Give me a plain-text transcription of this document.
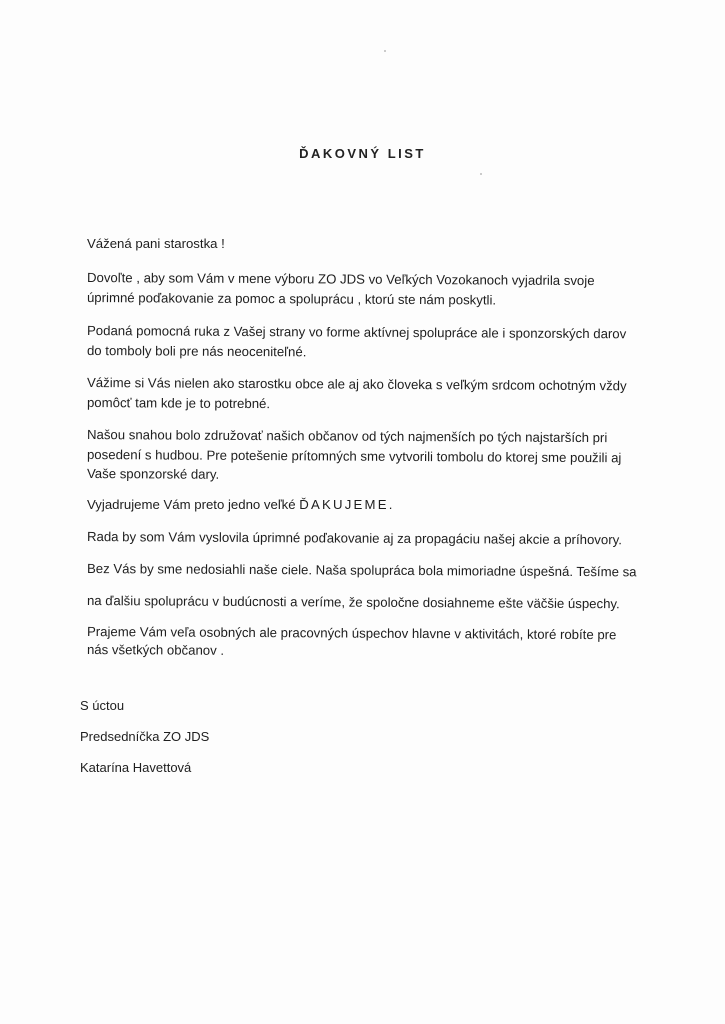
ĎAKOVNÝ LIST
Vážená pani starostka !
Dovoľte , aby som Vám v mene výboru ZO JDS vo Veľkých Vozokanoch vyjadrila svoje
úprimné poďakovanie za pomoc a spoluprácu , ktorú ste nám poskytli.
Podaná pomocná ruka z Vašej strany vo forme aktívnej spolupráce ale i sponzorských darov
do tomboly boli pre nás neoceniteľné.
Vážime si Vás nielen ako starostku obce ale aj ako človeka s veľkým srdcom ochotným vždy
pomôcť tam kde je to potrebné.
Našou snahou bolo združovať našich občanov od tých najmenších po tých najstarších pri
posedení s hudbou. Pre potešenie prítomných sme vytvorili tombolu do ktorej sme použili aj
Vaše sponzorské dary.
Vyjadrujeme Vám preto jedno veľké ĎAKUJEME.
Rada by som Vám vyslovila úprimné poďakovanie aj za propagáciu našej akcie a príhovory.
Bez Vás by sme nedosiahli naše ciele. Naša spolupráca bola mimoriadne úspešná. Tešíme sa
na ďalšiu spoluprácu v budúcnosti a veríme, že spoločne dosiahneme ešte väčšie úspechy.
Prajeme Vám veľa osobných ale pracovných úspechov hlavne v aktivitách, ktoré robíte pre
nás všetkých občanov .
S úctou
Predsedníčka ZO JDS
Katarína Havettová
